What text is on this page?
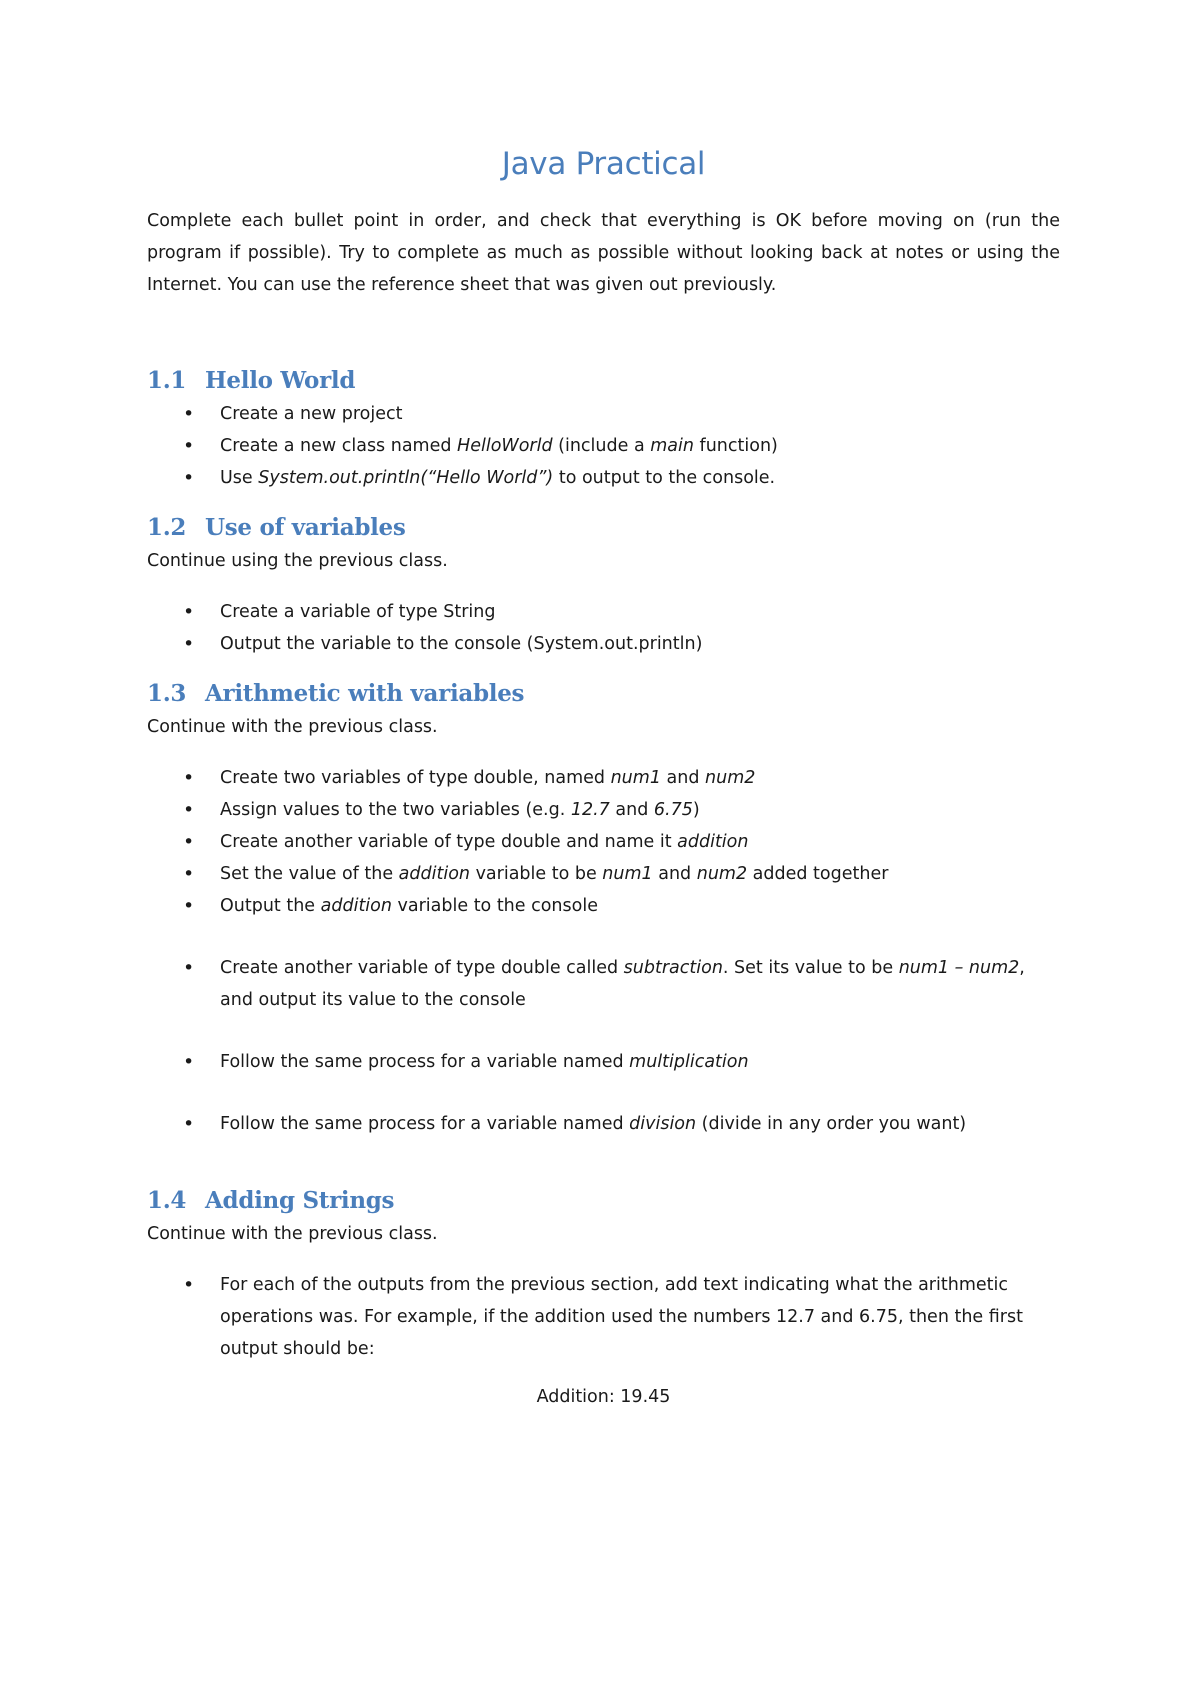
Java Practical

Complete each bullet point in order, and check that everything is OK before moving on (run the program if possible). Try to complete as much as possible without looking back at notes or using the Internet. You can use the reference sheet that was given out previously.

1.1 Hello World
• Create a new project
• Create a new class named HelloWorld (include a main function)
• Use System.out.println(“Hello World”) to output to the console.
1.2 Use of variables

Continue using the previous class.

• Create a variable of type String
• Output the variable to the console (System.out.println)
1.3 Arithmetic with variables

Continue with the previous class.

• Create two variables of type double, named num1 and num2
• Assign values to the two variables (e.g. 12.7 and 6.75)
• Create another variable of type double and name it addition
• Set the value of the addition variable to be num1 and num2 added together
• Output the addition variable to the console
• Create another variable of type double called subtraction. Set its value to be num1 – num2, and output its value to the console
• Follow the same process for a variable named multiplication
• Follow the same process for a variable named division (divide in any order you want)
1.4 Adding Strings

Continue with the previous class.

• For each of the outputs from the previous section, add text indicating what the arithmetic operations was. For example, if the addition used the numbers 12.7 and 6.75, then the first output should be:
Addition: 19.45
